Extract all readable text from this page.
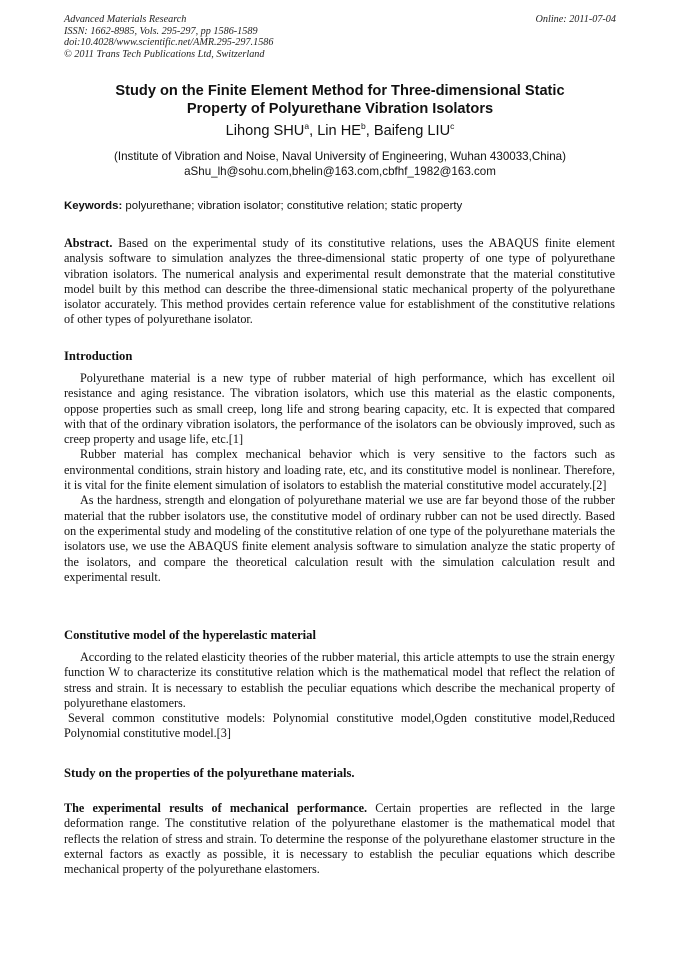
Advanced Materials Research
ISSN: 1662-8985, Vols. 295-297, pp 1586-1589
doi:10.4028/www.scientific.net/AMR.295-297.1586
© 2011 Trans Tech Publications Ltd, Switzerland
Online: 2011-07-04
Study on the Finite Element Method for Three-dimensional Static
Property of Polyurethane Vibration Isolators
Lihong SHU$^a$, Lin $HE^b$, Baifeng LIU$^c$
(Institute of Vibration and Noise, Naval University of Engineering, Wuhan 430033,China)
aShu_lh@sohu.com,bhelin@163.com,cbfhf_1982@163.com
Keywords: polyurethane; vibration isolator; constitutive relation; static property
Abstract. Based on the experimental study of its constitutive relations, uses the ABAQUS finite element analysis software to simulation analyzes the three-dimensional static property of one type of polyurethane vibration isolators. The numerical analysis and experimental result demonstrate that the material constitutive model built by this method can describe the three-dimensional static mechanical property of the polyurethane isolator accurately. This method provides certain reference value for establishment of the constitutive relations of other types of polyurethane isolator.
Introduction

Polyurethane material is a new type of rubber material of high performance, which has excellent oil resistance and aging resistance. The vibration isolators, which use this material as the elastic components, oppose properties such as small creep, long life and strong bearing capacity, etc. It is expected that compared with that of the ordinary vibration isolators, the performance of the isolators can be obviously improved, such as creep property and usage life, etc.[1]

Rubber material has complex mechanical behavior which is very sensitive to the factors such as environmental conditions, strain history and loading rate, etc, and its constitutive model is nonlinear. Therefore, it is vital for the finite element simulation of isolators to establish the material constitutive model accurately.[2]

As the hardness, strength and elongation of polyurethane material we use are far beyond those of the rubber material that the rubber isolators use, the constitutive model of ordinary rubber can not be used directly. Based on the experimental study and modeling of the constitutive relation of one type of the polyurethane materials the isolators use, we use the ABAQUS finite element analysis software to simulation analyze the static property of the isolators, and compare the theoretical calculation result with the simulation calculation result and experimental result.

Constitutive model of the hyperelastic material

According to the related elasticity theories of the rubber material, this article attempts to use the strain energy function W to characterize its constitutive relation which is the mathematical model that reflect the relation of stress and strain. It is necessary to establish the peculiar equations which describe the mechanical property of polyurethane elastomers.

Several common constitutive models: Polynomial constitutive model,Ogden constitutive model,Reduced Polynomial constitutive model.[3]

Study on the properties of the polyurethane materials.

The experimental results of mechanical performance. Certain properties are reflected in the large deformation range. The constitutive relation of the polyurethane elastomer is the mathematical model that reflects the relation of stress and strain. To determine the response of the polyurethane elastomer structure in the external factors as exactly as possible, it is necessary to establish the peculiar equations which describe mechanical property of the polyurethane elastomers.
